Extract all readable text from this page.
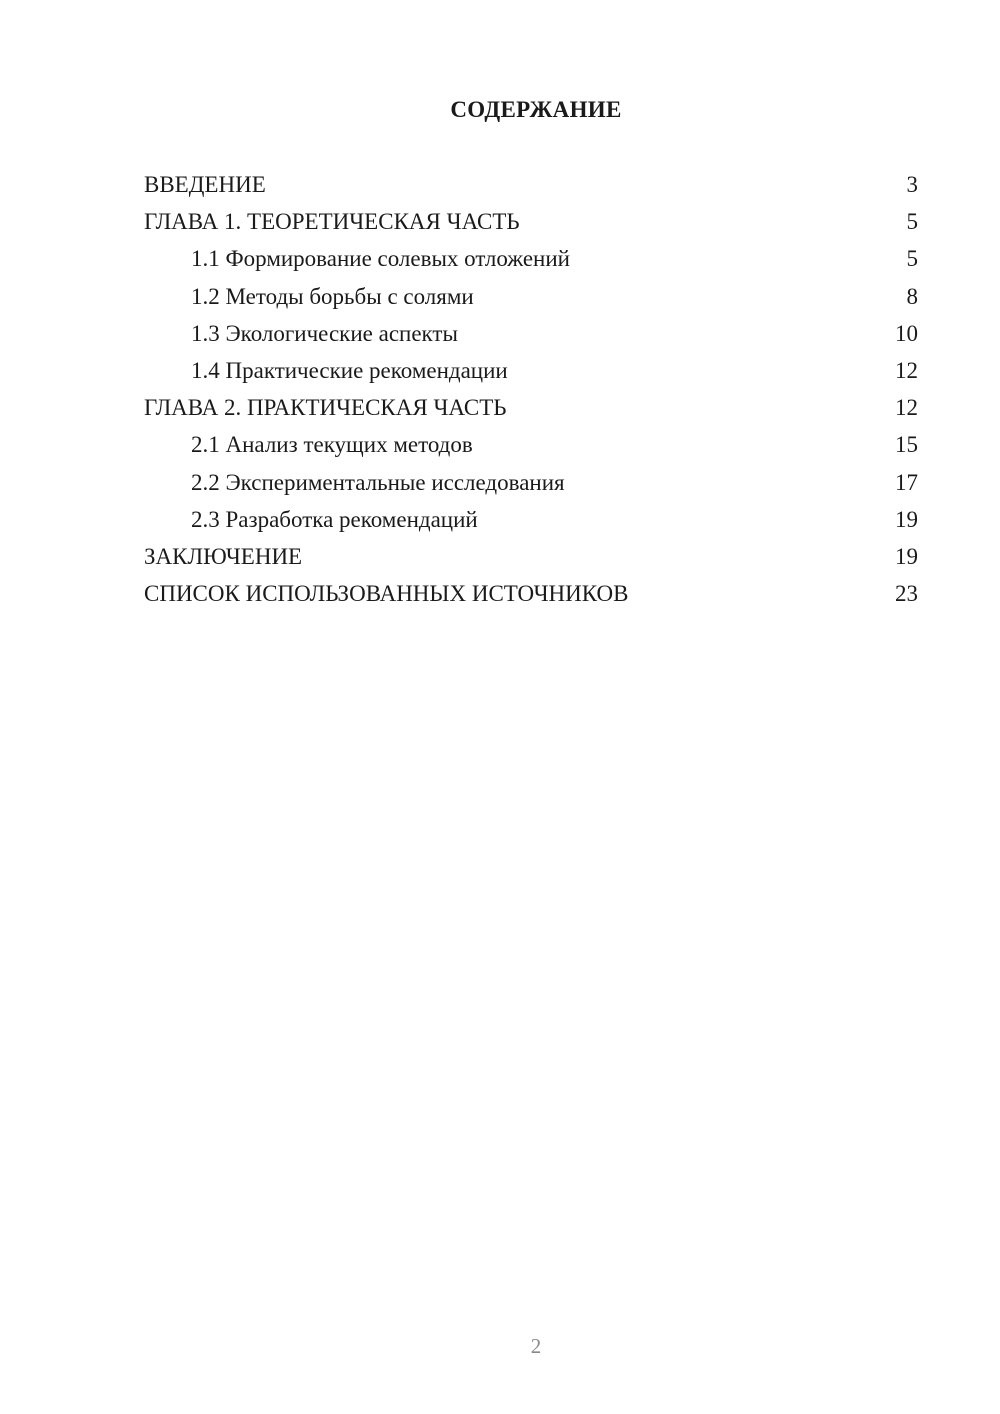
СОДЕРЖАНИЕ
ВВЕДЕНИЕ	3
ГЛАВА 1. ТЕОРЕТИЧЕСКАЯ ЧАСТЬ	5
1.1 Формирование солевых отложений	5
1.2 Методы борьбы с солями	8
1.3 Экологические аспекты	10
1.4 Практические рекомендации	12
ГЛАВА 2. ПРАКТИЧЕСКАЯ ЧАСТЬ	12
2.1 Анализ текущих методов	15
2.2 Экспериментальные исследования	17
2.3 Разработка рекомендаций	19
ЗАКЛЮЧЕНИЕ	19
СПИСОК ИСПОЛЬЗОВАННЫХ ИСТОЧНИКОВ	23
2
